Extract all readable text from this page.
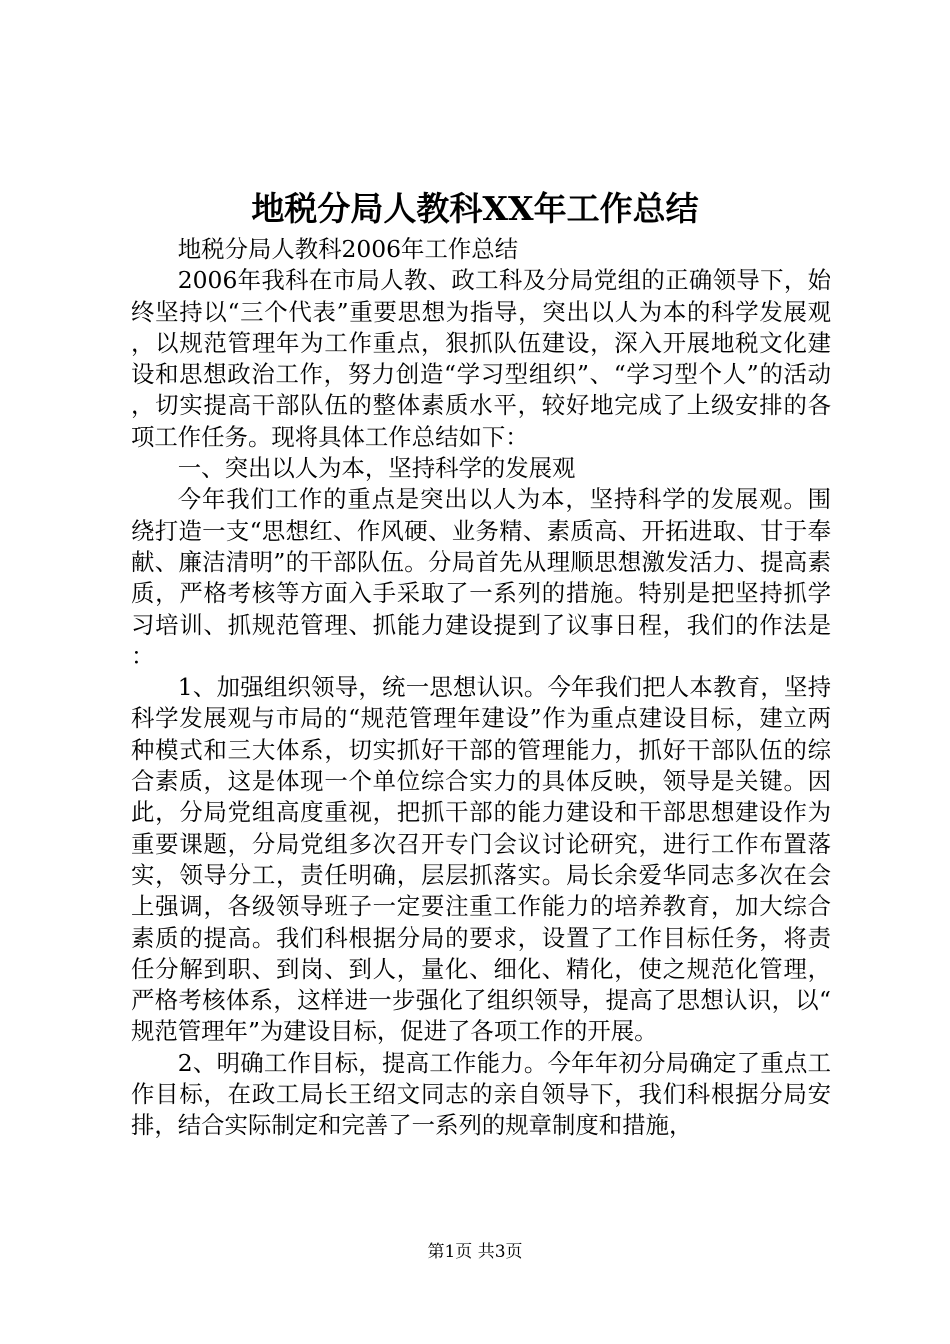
地税分局人教科XX年工作总结

地税分局人教科2006年工作总结

2006年我科在市局人教、政工科及分局党组的正确领导下，始终坚持以“三个代表”重要思想为指导，突出以人为本的科学发展观，以规范管理年为工作重点，狠抓队伍建设，深入开展地税文化建设和思想政治工作，努力创造“学习型组织”、“学习型个人”的活动，切实提高干部队伍的整体素质水平，较好地完成了上级安排的各项工作任务。现将具体工作总结如下：

一、突出以人为本，坚持科学的发展观

今年我们工作的重点是突出以人为本，坚持科学的发展观。围绕打造一支“思想红、作风硬、业务精、素质高、开拓进取、甘于奉献、廉洁清明”的干部队伍。分局首先从理顺思想激发活力、提高素质，严格考核等方面入手采取了一系列的措施。特别是把坚持抓学习培训、抓规范管理、抓能力建设提到了议事日程，我们的作法是：

1、加强组织领导，统一思想认识。今年我们把人本教育，坚持科学发展观与市局的“规范管理年建设”作为重点建设目标，建立两种模式和三大体系，切实抓好干部的管理能力，抓好干部队伍的综合素质，这是体现一个单位综合实力的具体反映，领导是关键。因此，分局党组高度重视，把抓干部的能力建设和干部思想建设作为重要课题，分局党组多次召开专门会议讨论研究，进行工作布置落实，领导分工，责任明确，层层抓落实。局长余爱华同志多次在会上强调，各级领导班子一定要注重工作能力的培养教育，加大综合素质的提高。我们科根据分局的要求，设置了工作目标任务，将责任分解到职、到岗、到人，量化、细化、精化，使之规范化管理，严格考核体系，这样进一步强化了组织领导，提高了思想认识，以“规范管理年”为建设目标，促进了各项工作的开展。

2、明确工作目标，提高工作能力。今年年初分局确定了重点工作目标，在政工局长王绍文同志的亲自领导下，我们科根据分局安排，结合实际制定和完善了一系列的规章制度和措施，

第1页 共3页
